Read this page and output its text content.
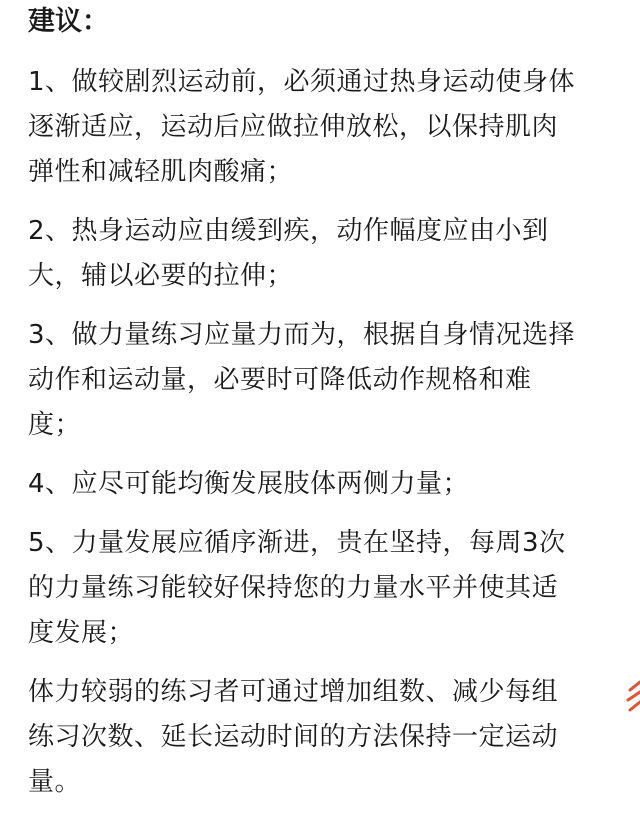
建议：
1、做较剧烈运动前，必须通过热身运动使身体
逐渐适应，运动后应做拉伸放松，以保持肌肉
弹性和减轻肌肉酸痛；
2、热身运动应由缓到疾，动作幅度应由小到
大，辅以必要的拉伸；
3、做力量练习应量力而为，根据自身情况选择
动作和运动量，必要时可降低动作规格和难
度；
4、应尽可能均衡发展肢体两侧力量；
5、力量发展应循序渐进，贵在坚持，每周3次
的力量练习能较好保持您的力量水平并使其适
度发展；
体力较弱的练习者可通过增加组数、减少每组
练习次数、延长运动时间的方法保持一定运动
量。
